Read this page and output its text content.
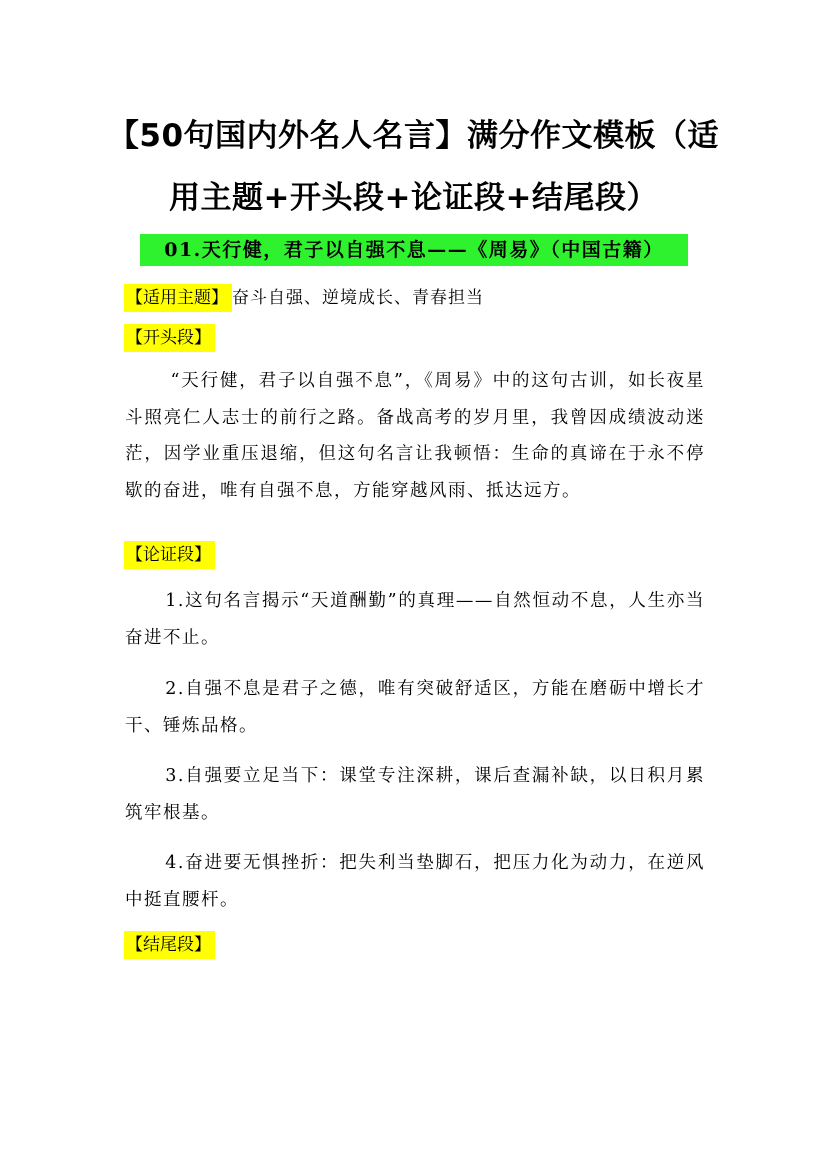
【50句国内外名人名言】满分作文模板（适
用主题+开头段+论证段+结尾段）
01.天行健，君子以自强不息——《周易》（中国古籍）
【适用主题】 奋斗自强、逆境成长、青春担当
【开头段】
“天行健，君子以自强不息”，《周易》中的这句古训，如长夜星斗照亮仁人志士的前行之路。备战高考的岁月里，我曾因成绩波动迷茫，因学业重压退缩，但这句名言让我顿悟：生命的真谛在于永不停歇的奋进，唯有自强不息，方能穿越风雨、抵达远方。
【论证段】
1.这句名言揭示“天道酬勤”的真理——自然恒动不息，人生亦当奋进不止。
2.自强不息是君子之德，唯有突破舒适区，方能在磨砺中增长才干、锤炼品格。
3.自强要立足当下：课堂专注深耕，课后查漏补缺，以日积月累筑牢根基。
4.奋进要无惧挫折：把失利当垫脚石，把压力化为动力，在逆风中挺直腰杆。
【结尾段】
